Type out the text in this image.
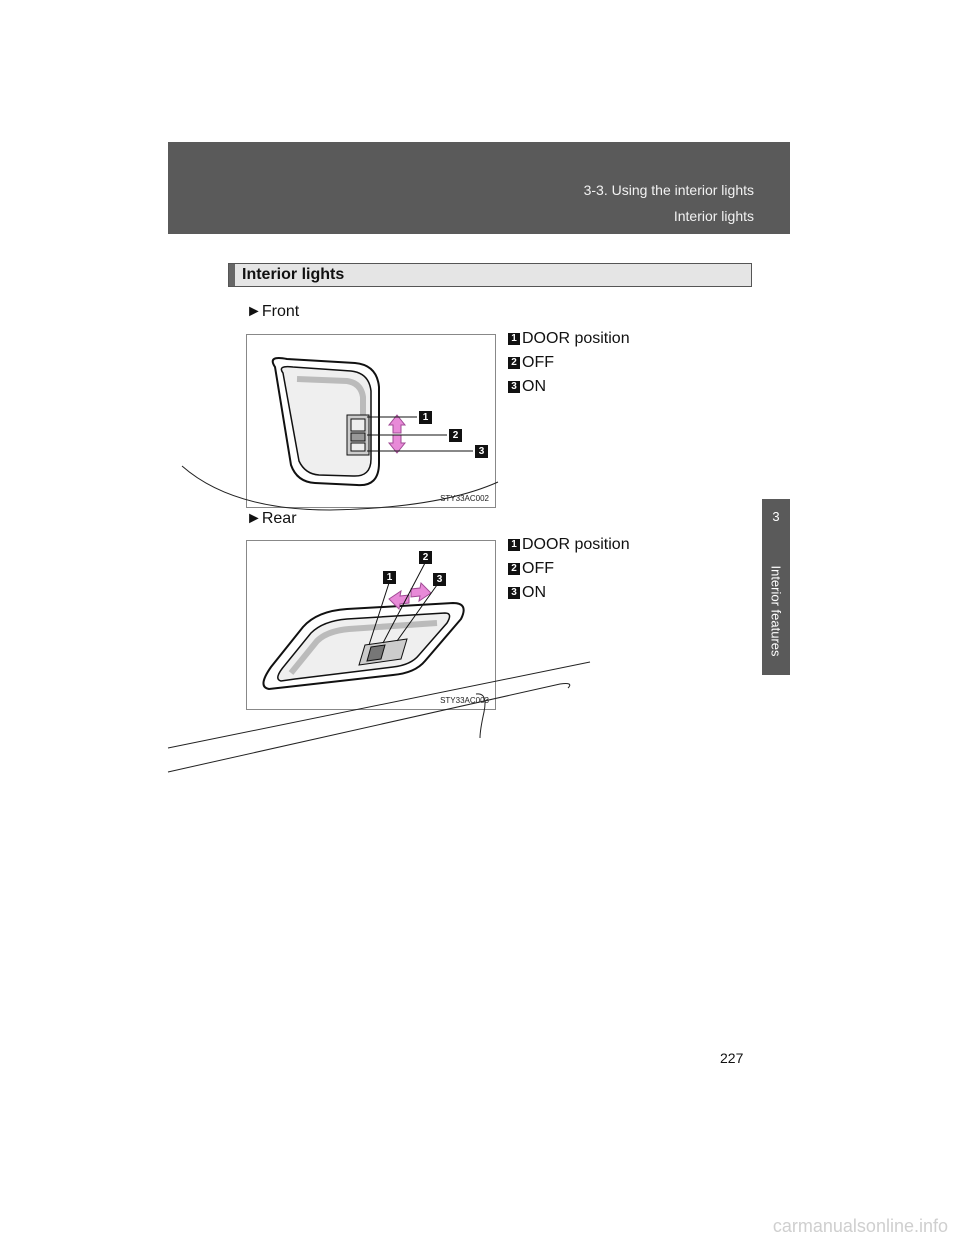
3-3. Using the interior lights
Interior lights
3
Interior features
Interior lights
►Front
1
2
3
STY33AC002
1 DOOR position
2 OFF
3 ON
►Rear
1
2
3
STY33AC003
1 DOOR position
2 OFF
3 ON
227
carmanualsonline.info
